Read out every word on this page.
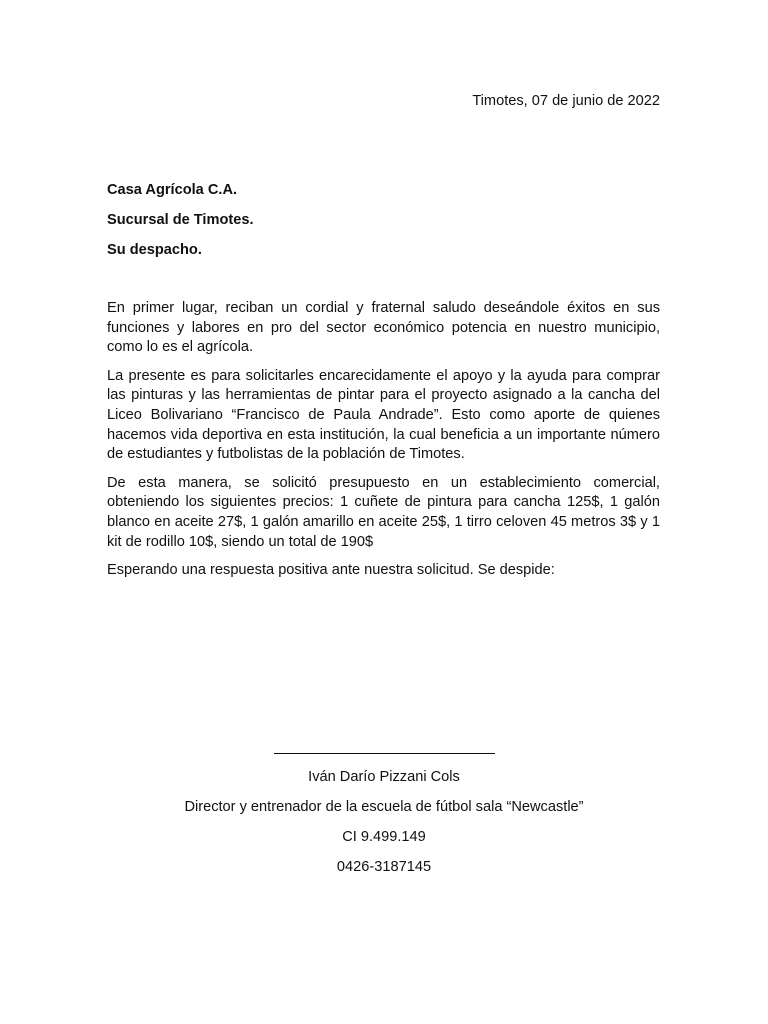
Timotes, 07 de junio de 2022

Casa Agrícola C.A.

Sucursal de Timotes.

Su despacho.

En primer lugar, reciban un cordial y fraternal saludo deseándole éxitos en sus funciones y labores en pro del sector económico potencia en nuestro municipio, como lo es el agrícola.

La presente es para solicitarles encarecidamente el apoyo y la ayuda para comprar las pinturas y las herramientas de pintar para el proyecto asignado a la cancha del Liceo Bolivariano “Francisco de Paula Andrade”. Esto como aporte de quienes hacemos vida deportiva en esta institución, la cual beneficia a un importante número de estudiantes y futbolistas de la población de Timotes.

De esta manera, se solicitó presupuesto en un establecimiento comercial, obteniendo los siguientes precios: 1 cuñete de pintura para cancha 125$, 1 galón blanco en aceite 27$, 1 galón amarillo en aceite 25$, 1 tirro celoven 45 metros 3$ y 1 kit de rodillo 10$, siendo un total de 190$

Esperando una respuesta positiva ante nuestra solicitud. Se despide:

Iván Darío Pizzani Cols

Director y entrenador de la escuela de fútbol sala “Newcastle”

CI 9.499.149

0426-3187145
